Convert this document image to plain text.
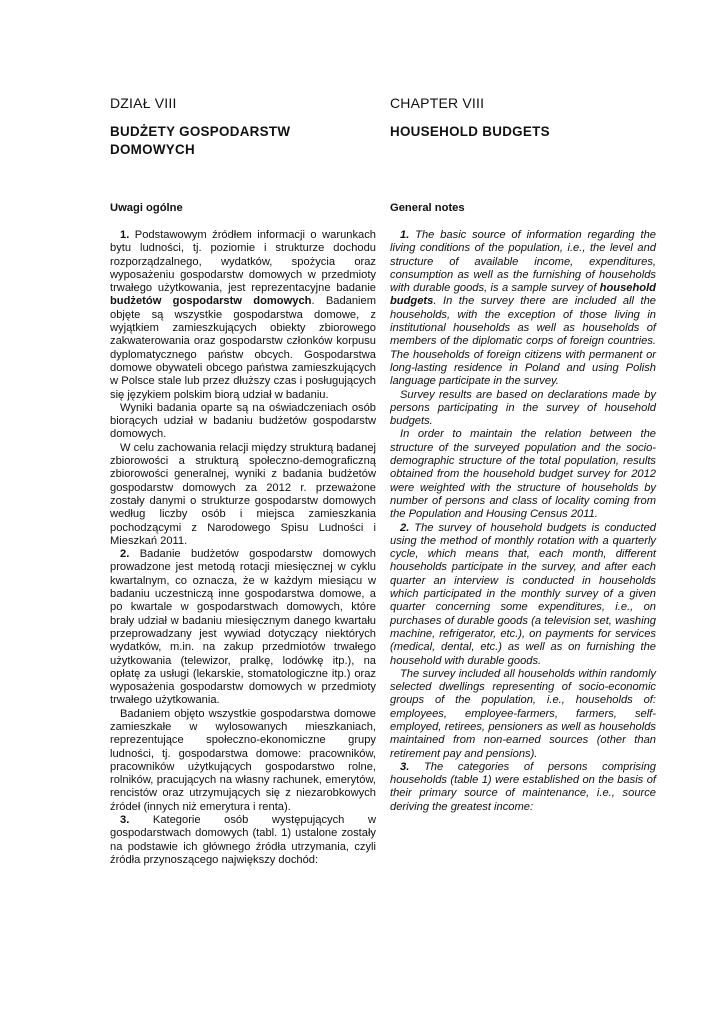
DZIAŁ VIII
BUDŻETY GOSPODARSTW DOMOWYCH
Uwagi ogólne

1. Podstawowym źródłem informacji o warunkach bytu ludności, tj. poziomie i strukturze dochodu rozporządzalnego, wydatków, spożycia oraz wyposażeniu gospodarstw domowych w przedmioty trwałego użytkowania, jest reprezentacyjne badanie budżetów gospodarstw domowych. Badaniem objęte są wszystkie gospodarstwa domowe, z wyjątkiem zamieszkujących obiekty zbiorowego zakwaterowania oraz gospodarstw członków korpusu dyplomatycznego państw obcych. Gospodarstwa domowe obywateli obcego państwa zamieszkujących w Polsce stale lub przez dłuższy czas i posługujących się językiem polskim biorą udział w badaniu.

Wyniki badania oparte są na oświadczeniach osób biorących udział w badaniu budżetów gospodarstw domowych.

W celu zachowania relacji między strukturą badanej zbiorowości a strukturą społeczno-demograficzną zbiorowości generalnej, wyniki z badania budżetów gospodarstw domowych za 2012 r. przeważone zostały danymi o strukturze gospodarstw domowych według liczby osób i miejsca zamieszkania pochodzącymi z Narodowego Spisu Ludności i Mieszkań 2011.

2. Badanie budżetów gospodarstw domowych prowadzone jest metodą rotacji miesięcznej w cyklu kwartalnym, co oznacza, że w każdym miesiącu w badaniu uczestniczą inne gospodarstwa domowe, a po kwartale w gospodarstwach domowych, które brały udział w badaniu miesięcznym danego kwartału przeprowadzany jest wywiad dotyczący niektórych wydatków, m.in. na zakup przedmiotów trwałego użytkowania (telewizor, pralkę, lodówkę itp.), na opłatę za usługi (lekarskie, stomatologiczne itp.) oraz wyposażenia gospodarstw domowych w przedmioty trwałego użytkowania.

Badaniem objęto wszystkie gospodarstwa domowe zamieszkałe w wylosowanych mieszkaniach, reprezentujące społeczno-ekonomiczne grupy ludności, tj. gospodarstwa domowe: pracowników, pracowników użytkujących gospodarstwo rolne, rolników, pracujących na własny rachunek, emerytów, rencistów oraz utrzymujących się z niezarobkowych źródeł (innych niż emerytura i renta).

3. Kategorie osób występujących w gospodarstwach domowych (tabl. 1) ustalone zostały na podstawie ich głównego źródła utrzymania, czyli źródła przynoszącego największy dochód:

CHAPTER VIII
HOUSEHOLD BUDGETS
General notes

1. The basic source of information regarding the living conditions of the population, i.e., the level and structure of available income, expenditures, consumption as well as the furnishing of households with durable goods, is a sample survey of household budgets. In the survey there are included all the households, with the exception of those living in institutional households as well as households of members of the diplomatic corps of foreign countries. The households of foreign citizens with permanent or long-lasting residence in Poland and using Polish language participate in the survey.

Survey results are based on declarations made by persons participating in the survey of household budgets.

In order to maintain the relation between the structure of the surveyed population and the socio-demographic structure of the total population, results obtained from the household budget survey for 2012 were weighted with the structure of households by number of persons and class of locality coming from the Population and Housing Census 2011.

2. The survey of household budgets is conducted using the method of monthly rotation with a quarterly cycle, which means that, each month, different households participate in the survey, and after each quarter an interview is conducted in households which participated in the monthly survey of a given quarter concerning some expenditures, i.e., on purchases of durable goods (a television set, washing machine, refrigerator, etc.), on payments for services (medical, dental, etc.) as well as on furnishing the household with durable goods.

The survey included all households within randomly selected dwellings representing of socio-economic groups of the population, i.e., households of: employees, employee-farmers, farmers, self-employed, retirees, pensioners as well as households maintained from non-earned sources (other than retirement pay and pensions).

3. The categories of persons comprising households (table 1) were established on the basis of their primary source of maintenance, i.e., source deriving the greatest income:
